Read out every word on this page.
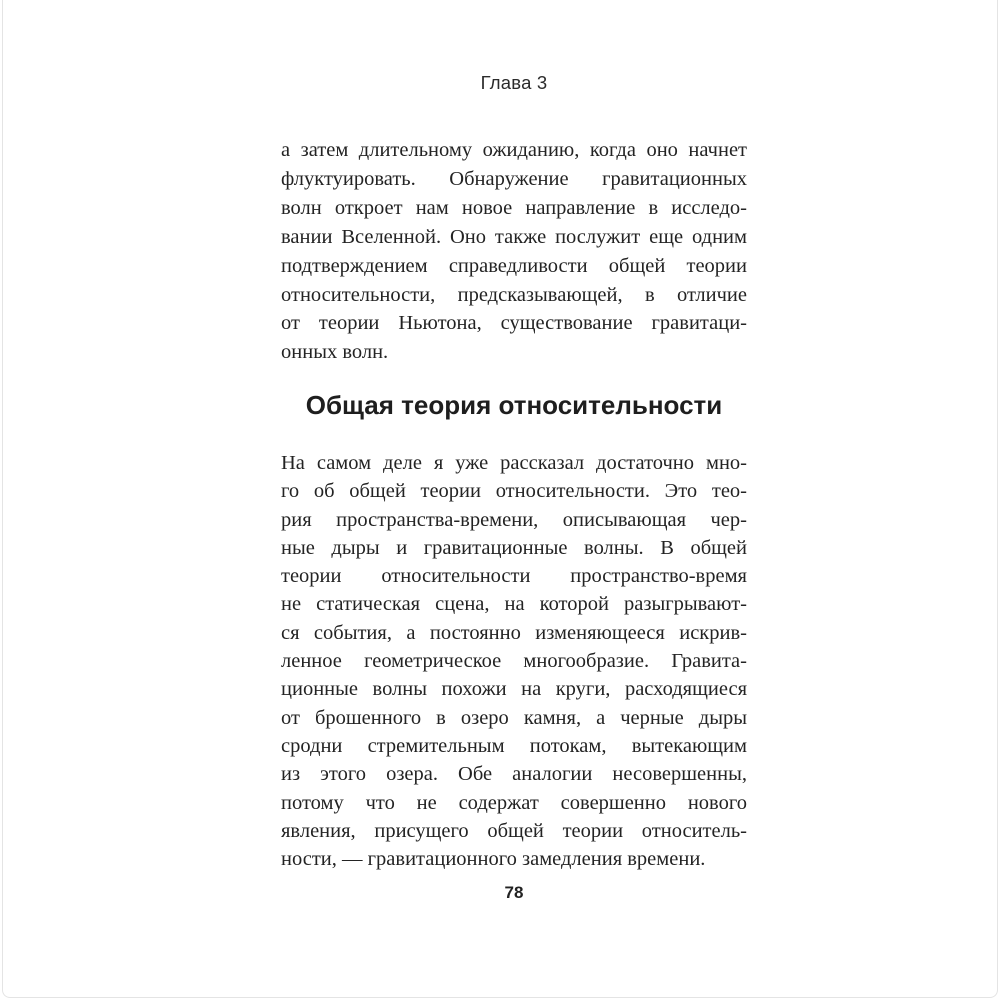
Глава 3
а затем длительному ожиданию, когда оно начнет
флуктуировать. Обнаружение гравитационных
волн откроет нам новое направление в исследо-
вании Вселенной. Оно также послужит еще одним
подтверждением справедливости общей теории
относительности, предсказывающей, в отличие
от теории Ньютона, существование гравитаци-
онных волн.
Общая теория относительности
На самом деле я уже рассказал достаточно мно-
го об общей теории относительности. Это тео-
рия пространства-времени, описывающая чер-
ные дыры и гравитационные волны. В общей
теории относительности пространство-время
не статическая сцена, на которой разыгрывают-
ся события, а постоянно изменяющееся искрив-
ленное геометрическое многообразие. Гравита-
ционные волны похожи на круги, расходящиеся
от брошенного в озеро камня, а черные дыры
сродни стремительным потокам, вытекающим
из этого озера. Обе аналогии несовершенны,
потому что не содержат совершенно нового
явления, присущего общей теории относитель-
ности, — гравитационного замедления времени.
78
